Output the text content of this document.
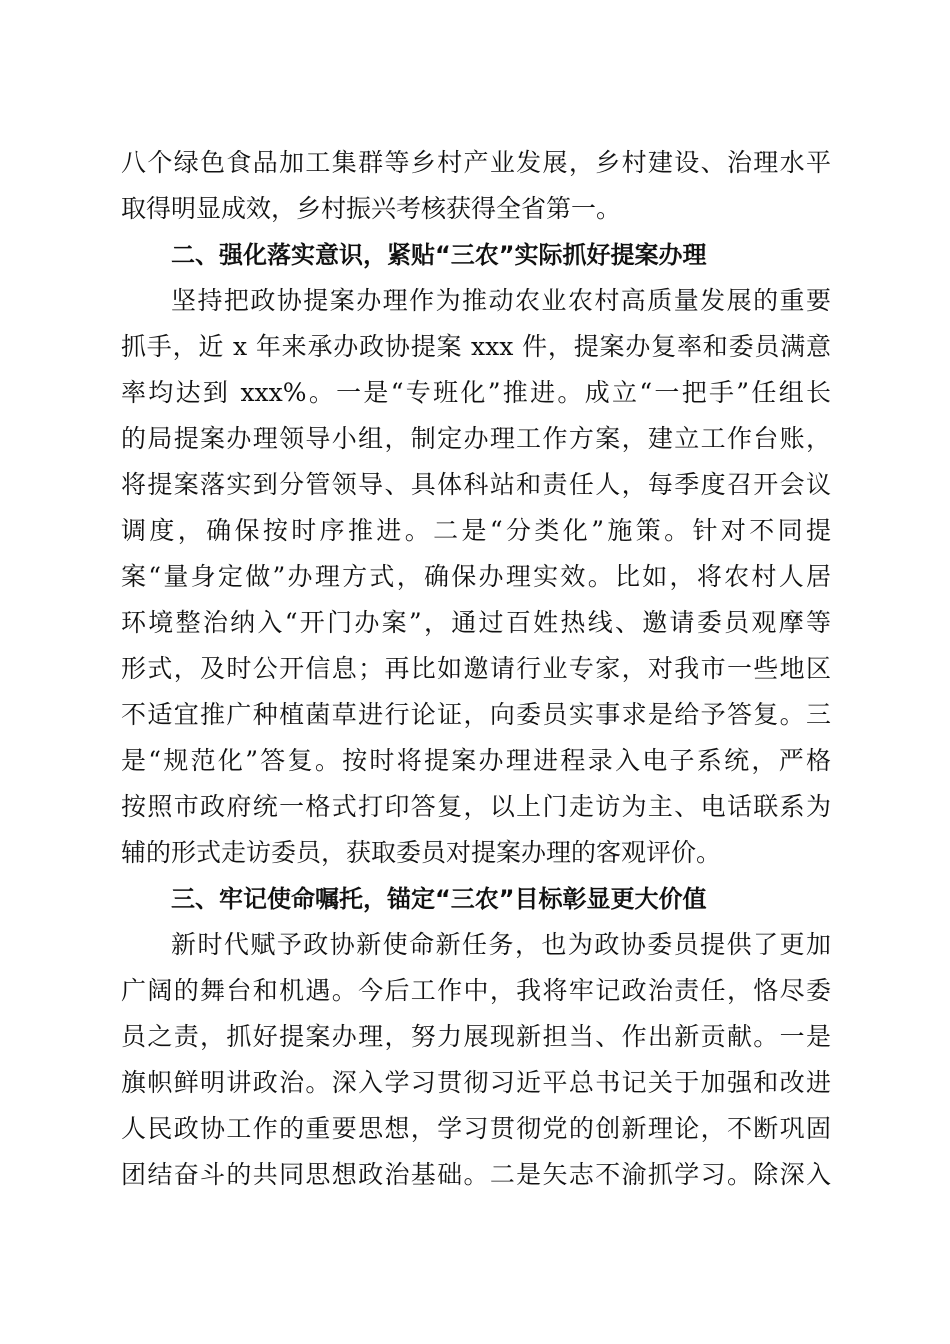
八个绿色食品加工集群等乡村产业发展，乡村建设、治理水平
取得明显成效，乡村振兴考核获得全省第一。
二、强化落实意识，紧贴“三农”实际抓好提案办理
坚持把政协提案办理作为推动农业农村高质量发展的重要
抓手，近 x 年来承办政协提案 xxx 件，提案办复率和委员满意
率均达到 xxx%。一是“专班化”推进。成立“一把手”任组长
的局提案办理领导小组，制定办理工作方案，建立工作台账，
将提案落实到分管领导、具体科站和责任人，每季度召开会议
调度，确保按时序推进。二是“分类化”施策。针对不同提
案“量身定做”办理方式，确保办理实效。比如，将农村人居
环境整治纳入“开门办案”，通过百姓热线、邀请委员观摩等
形式，及时公开信息；再比如邀请行业专家，对我市一些地区
不适宜推广种植菌草进行论证，向委员实事求是给予答复。三
是“规范化”答复。按时将提案办理进程录入电子系统，严格
按照市政府统一格式打印答复，以上门走访为主、电话联系为
辅的形式走访委员，获取委员对提案办理的客观评价。
三、牢记使命嘱托，锚定“三农”目标彰显更大价值
新时代赋予政协新使命新任务，也为政协委员提供了更加
广阔的舞台和机遇。今后工作中，我将牢记政治责任，恪尽委
员之责，抓好提案办理，努力展现新担当、作出新贡献。一是
旗帜鲜明讲政治。深入学习贯彻习近平总书记关于加强和改进
人民政协工作的重要思想，学习贯彻党的创新理论，不断巩固
团结奋斗的共同思想政治基础。二是矢志不渝抓学习。除深入
